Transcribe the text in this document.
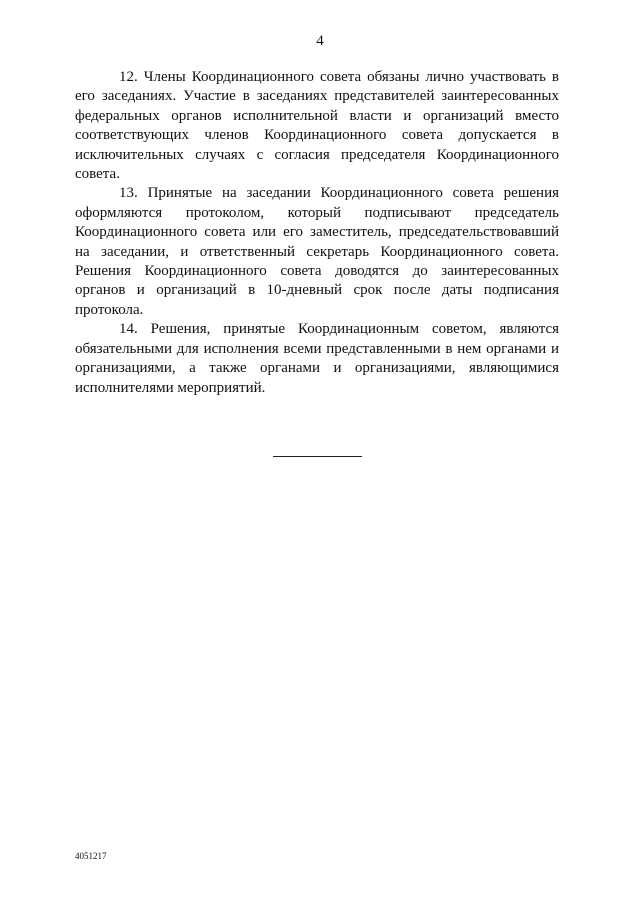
4

12. Члены Координационного совета обязаны лично участвовать в его заседаниях. Участие в заседаниях представителей заинтересованных федеральных органов исполнительной власти и организаций вместо соответствующих членов Координационного совета допускается в исключительных случаях с согласия председателя Координационного совета.

13. Принятые на заседании Координационного совета решения оформляются протоколом, который подписывают председатель Координационного совета или его заместитель, председательствовавший на заседании, и ответственный секретарь Координационного совета. Решения Координационного совета доводятся до заинтересованных органов и организаций в 10-дневный срок после даты подписания протокола.

14. Решения, принятые Координационным советом, являются обязательными для исполнения всеми представленными в нем органами и организациями, а также органами и организациями, являющимися исполнителями мероприятий.

4051217
